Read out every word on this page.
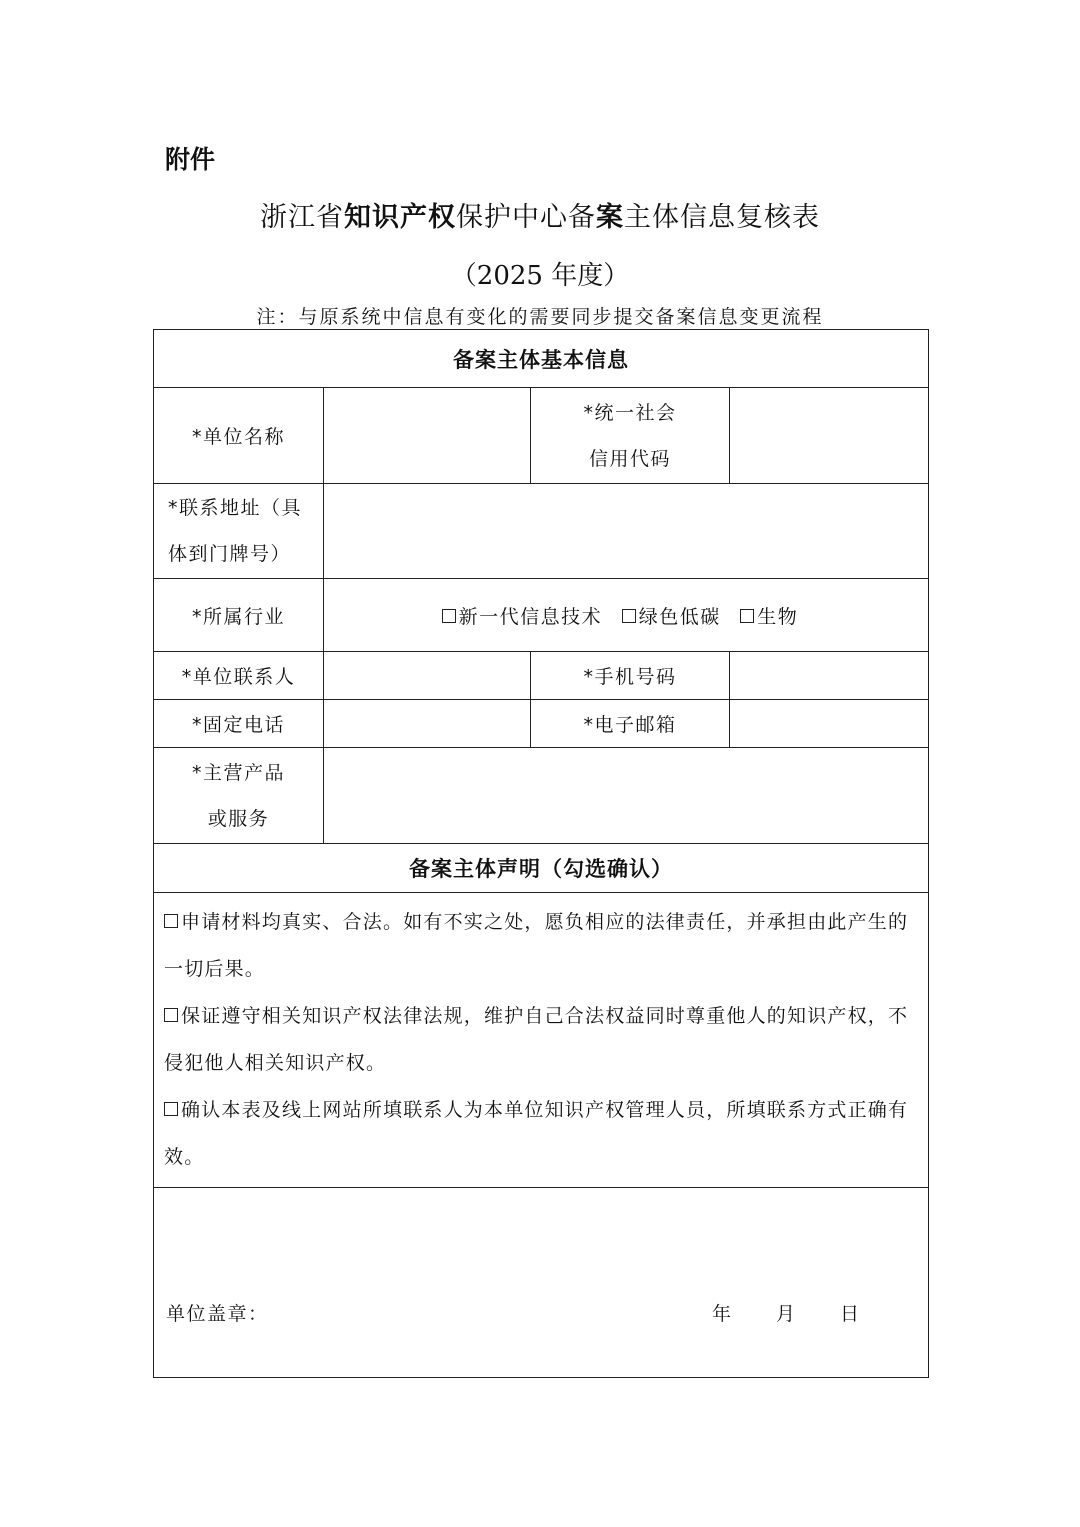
附件
浙江省知识产权保护中心备案主体信息复核表
（2025 年度）
注：与原系统中信息有变化的需要同步提交备案信息变更流程
备案主体基本信息			
*单位名称		*统一社会
信用代码	

*联系地址（具
体到门牌号）			

*所属行业	新一代信息技术 绿色低碳 生物		
*单位联系人		*手机号码	
*固定电话		*电子邮箱	

*主营产品
或服务			

备案主体声明（勾选确认）			

申请材料均真实、合法。如有不实之处，愿负相应的法律责任，并承担由此产生的一切后果。

保证遵守相关知识产权法律法规，维护自己合法权益同时尊重他人的知识产权，不侵犯他人相关知识产权。

确认本表及线上网站所填联系人为本单位知识产权管理人员，所填联系方式正确有效。			

单位盖章： 年 月 日			
